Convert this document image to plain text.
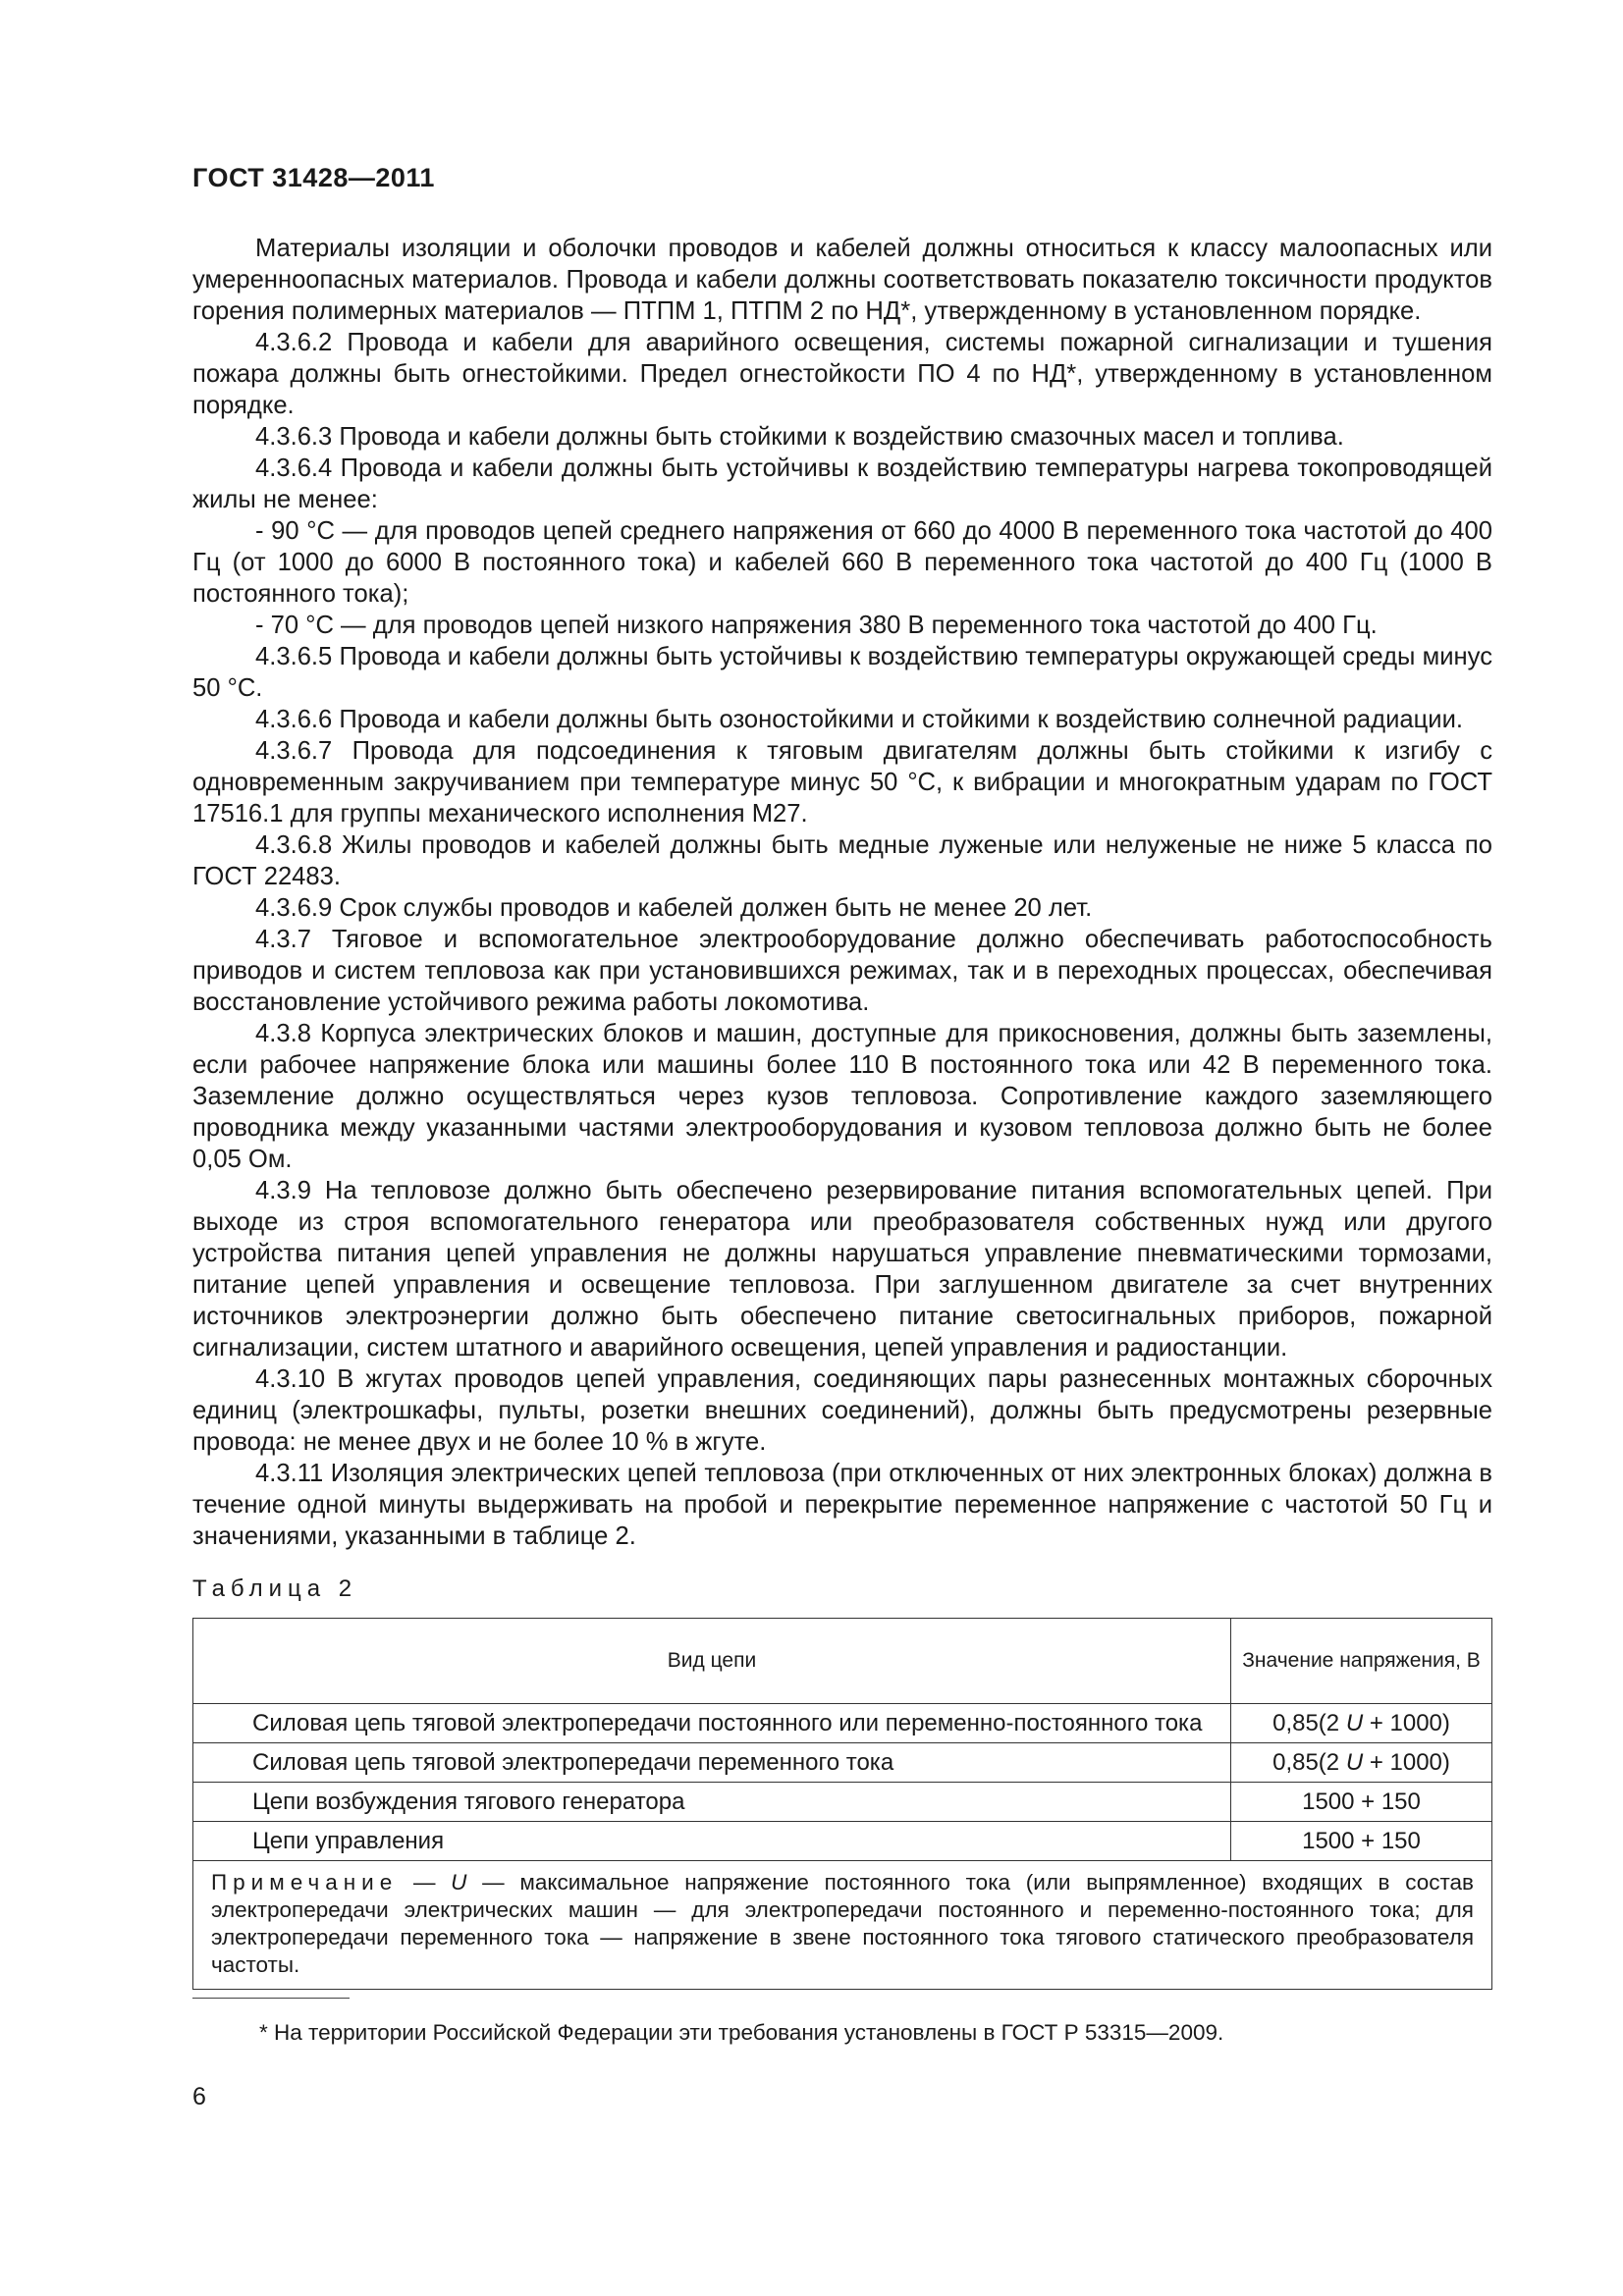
ГОСТ 31428—2011

Материалы изоляции и оболочки проводов и кабелей должны относиться к классу малоопасных или умеренноопасных материалов. Провода и кабели должны соответствовать показателю токсичности продуктов горения полимерных материалов — ПТПМ 1, ПТПМ 2 по НД*, утвержденному в установленном порядке.

4.3.6.2 Провода и кабели для аварийного освещения, системы пожарной сигнализации и тушения пожара должны быть огнестойкими. Предел огнестойкости ПО 4 по НД*, утвержденному в установленном порядке.

4.3.6.3 Провода и кабели должны быть стойкими к воздействию смазочных масел и топлива.

4.3.6.4 Провода и кабели должны быть устойчивы к воздействию температуры нагрева токопроводящей жилы не менее:

- 90 °С — для проводов цепей среднего напряжения от 660 до 4000 В переменного тока частотой до 400 Гц (от 1000 до 6000 В постоянного тока) и кабелей 660 В переменного тока частотой до 400 Гц (1000 В постоянного тока);

- 70 °С — для проводов цепей низкого напряжения 380 В переменного тока частотой до 400 Гц.

4.3.6.5 Провода и кабели должны быть устойчивы к воздействию температуры окружающей среды минус 50 °С.

4.3.6.6 Провода и кабели должны быть озоностойкими и стойкими к воздействию солнечной радиации.

4.3.6.7 Провода для подсоединения к тяговым двигателям должны быть стойкими к изгибу с одновременным закручиванием при температуре минус 50 °С, к вибрации и многократным ударам по ГОСТ 17516.1 для группы механического исполнения М27.

4.3.6.8 Жилы проводов и кабелей должны быть медные луженые или нелуженые не ниже 5 класса по ГОСТ 22483.

4.3.6.9 Срок службы проводов и кабелей должен быть не менее 20 лет.

4.3.7 Тяговое и вспомогательное электрооборудование должно обеспечивать работоспособность приводов и систем тепловоза как при установившихся режимах, так и в переходных процессах, обеспечивая восстановление устойчивого режима работы локомотива.

4.3.8 Корпуса электрических блоков и машин, доступные для прикосновения, должны быть заземлены, если рабочее напряжение блока или машины более 110 В постоянного тока или 42 В переменного тока. Заземление должно осуществляться через кузов тепловоза. Сопротивление каждого заземляющего проводника между указанными частями электрооборудования и кузовом тепловоза должно быть не более 0,05 Ом.

4.3.9 На тепловозе должно быть обеспечено резервирование питания вспомогательных цепей. При выходе из строя вспомогательного генератора или преобразователя собственных нужд или другого устройства питания цепей управления не должны нарушаться управление пневматическими тормозами, питание цепей управления и освещение тепловоза. При заглушенном двигателе за счет внутренних источников электроэнергии должно быть обеспечено питание светосигнальных приборов, пожарной сигнализации, систем штатного и аварийного освещения, цепей управления и радиостанции.

4.3.10 В жгутах проводов цепей управления, соединяющих пары разнесенных монтажных сборочных единиц (электрошкафы, пульты, розетки внешних соединений), должны быть предусмотрены резервные провода: не менее двух и не более 10 % в жгуте.

4.3.11 Изоляция электрических цепей тепловоза (при отключенных от них электронных блоках) должна в течение одной минуты выдерживать на пробой и перекрытие переменное напряжение с частотой 50 Гц и значениями, указанными в таблице 2.

Таблица 2
Вид цепи	Значение напряжения, В
Силовая цепь тяговой электропередачи постоянного или переменно-постоянного тока	0,85(2 U + 1000)
Силовая цепь тяговой электропередачи переменного тока	0,85(2 U + 1000)
Цепи возбуждения тягового генератора	1500 + 150
Цепи управления	1500 + 150
Примечание — U — максимальное напряжение постоянного тока (или выпрямленное) входящих в состав электропередачи электрических машин — для электропередачи постоянного и переменно-постоянного тока; для электропередачи переменного тока — напряжение в звене постоянного тока тягового статического преобразователя частоты.	
* На территории Российской Федерации эти требования установлены в ГОСТ Р 53315—2009.
6
